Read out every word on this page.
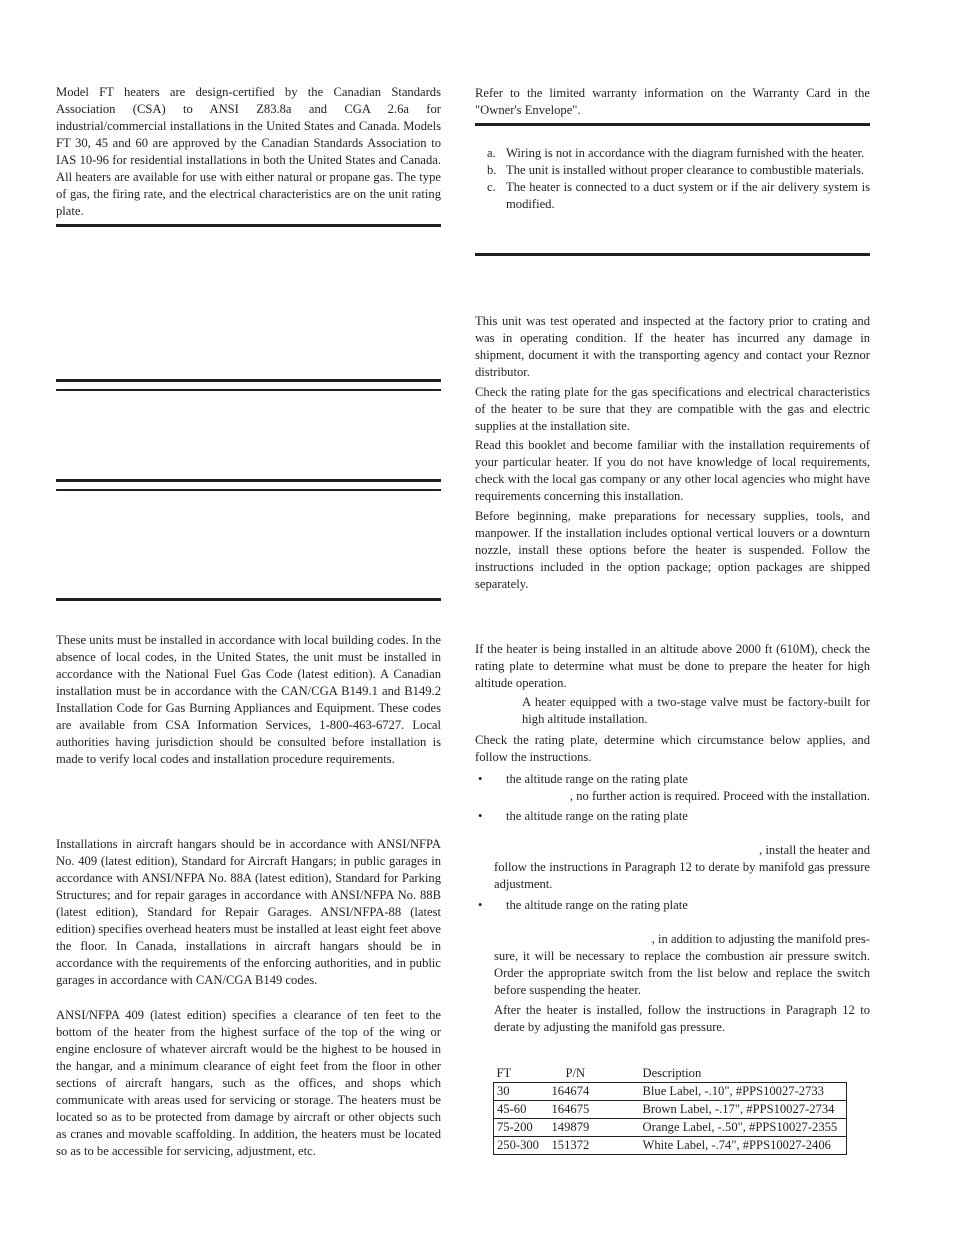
Model FT heaters are design-certified by the Canadian Standards Association (CSA) to ANSI Z83.8a and CGA 2.6a for industrial/commercial installations in the United States and Canada. Models FT 30, 45 and 60 are approved by the Canadian Standards Association to IAS 10-96 for residential installations in both the United States and Canada. All heaters are available for use with either natural or propane gas. The type of gas, the firing rate, and the electrical characteristics are on the unit rating plate.

These units must be installed in accordance with local building codes. In the absence of local codes, in the United States, the unit must be installed in accordance with the National Fuel Gas Code (latest edition). A Canadian installation must be in accordance with the CAN/CGA B149.1 and B149.2 Installation Code for Gas Burning Appliances and Equipment. These codes are available from CSA Information Services, 1-800-463-6727. Local authorities having jurisdiction should be consulted before installation is made to verify local codes and installation procedure requirements.

Installations in aircraft hangars should be in accordance with ANSI/NFPA No. 409 (latest edition), Standard for Aircraft Hangars; in public garages in accordance with ANSI/NFPA No. 88A (latest edition), Standard for Parking Structures; and for repair garages in accordance with ANSI/NFPA No. 88B (latest edition), Standard for Repair Garages. ANSI/NFPA-88 (latest edition) specifies overhead heaters must be installed at least eight feet above the floor. In Canada, installations in aircraft hangars should be in accordance with the requirements of the enforcing authorities, and in public garages in accordance with CAN/CGA B149 codes.

ANSI/NFPA 409 (latest edition) specifies a clearance of ten feet to the bottom of the heater from the highest surface of the top of the wing or engine enclosure of whatever aircraft would be the highest to be housed in the hangar, and a minimum clearance of eight feet from the floor in other sections of aircraft hangars, such as the offices, and shops which communicate with areas used for servicing or storage. The heaters must be located so as to be protected from damage by aircraft or other objects such as cranes and movable scaffolding. In addition, the heaters must be located so as to be accessible for servicing, adjustment, etc.

Refer to the limited warranty information on the Warranty Card in the "Owner's Envelope".

a. Wiring is not in accordance with the diagram furnished with the heater.
b. The unit is installed without proper clearance to combustible materials.
c. The heater is connected to a duct system or if the air delivery system is modified.

This unit was test operated and inspected at the factory prior to crating and was in operating condition. If the heater has incurred any damage in shipment, document it with the transporting agency and contact your Reznor distributor.

Check the rating plate for the gas specifications and electrical characteristics of the heater to be sure that they are compatible with the gas and electric supplies at the installation site.

Read this booklet and become familiar with the installation requirements of your particular heater. If you do not have knowledge of local requirements, check with the local gas company or any other local agencies who might have requirements concerning this installation.

Before beginning, make preparations for necessary supplies, tools, and manpower. If the installation includes optional vertical louvers or a downturn nozzle, install these options before the heater is suspended. Follow the instructions included in the option package; option packages are shipped separately.

If the heater is being installed in an altitude above 2000 ft (610M), check the rating plate to determine what must be done to prepare the heater for high altitude operation.

A heater equipped with a two-stage valve must be factory-built for high altitude installation.

Check the rating plate, determine which circumstance below applies, and follow the instructions.

•	the altitude range on the rating plate
, no further action is required. Proceed with the installation.
•	the altitude range on the rating plate
, install the heater and

follow the instructions in Paragraph 12 to derate by manifold gas pressure adjustment.

•	the altitude range on the rating plate
, in addition to adjusting the manifold pres-

sure, it will be necessary to replace the combustion air pressure switch. Order the appropriate switch from the list below and replace the switch before suspending the heater.

After the heater is installed, follow the instructions in Paragraph 12 to derate by adjusting the manifold gas pressure.

FT	P/N	Description
30	164674	Blue Label, -.10", #PPS10027-2733
45-60	164675	Brown Label, -.17", #PPS10027-2734
75-200	149879	Orange Label, -.50", #PPS10027-2355
250-300	151372	White Label, -.74", #PPS10027-2406
